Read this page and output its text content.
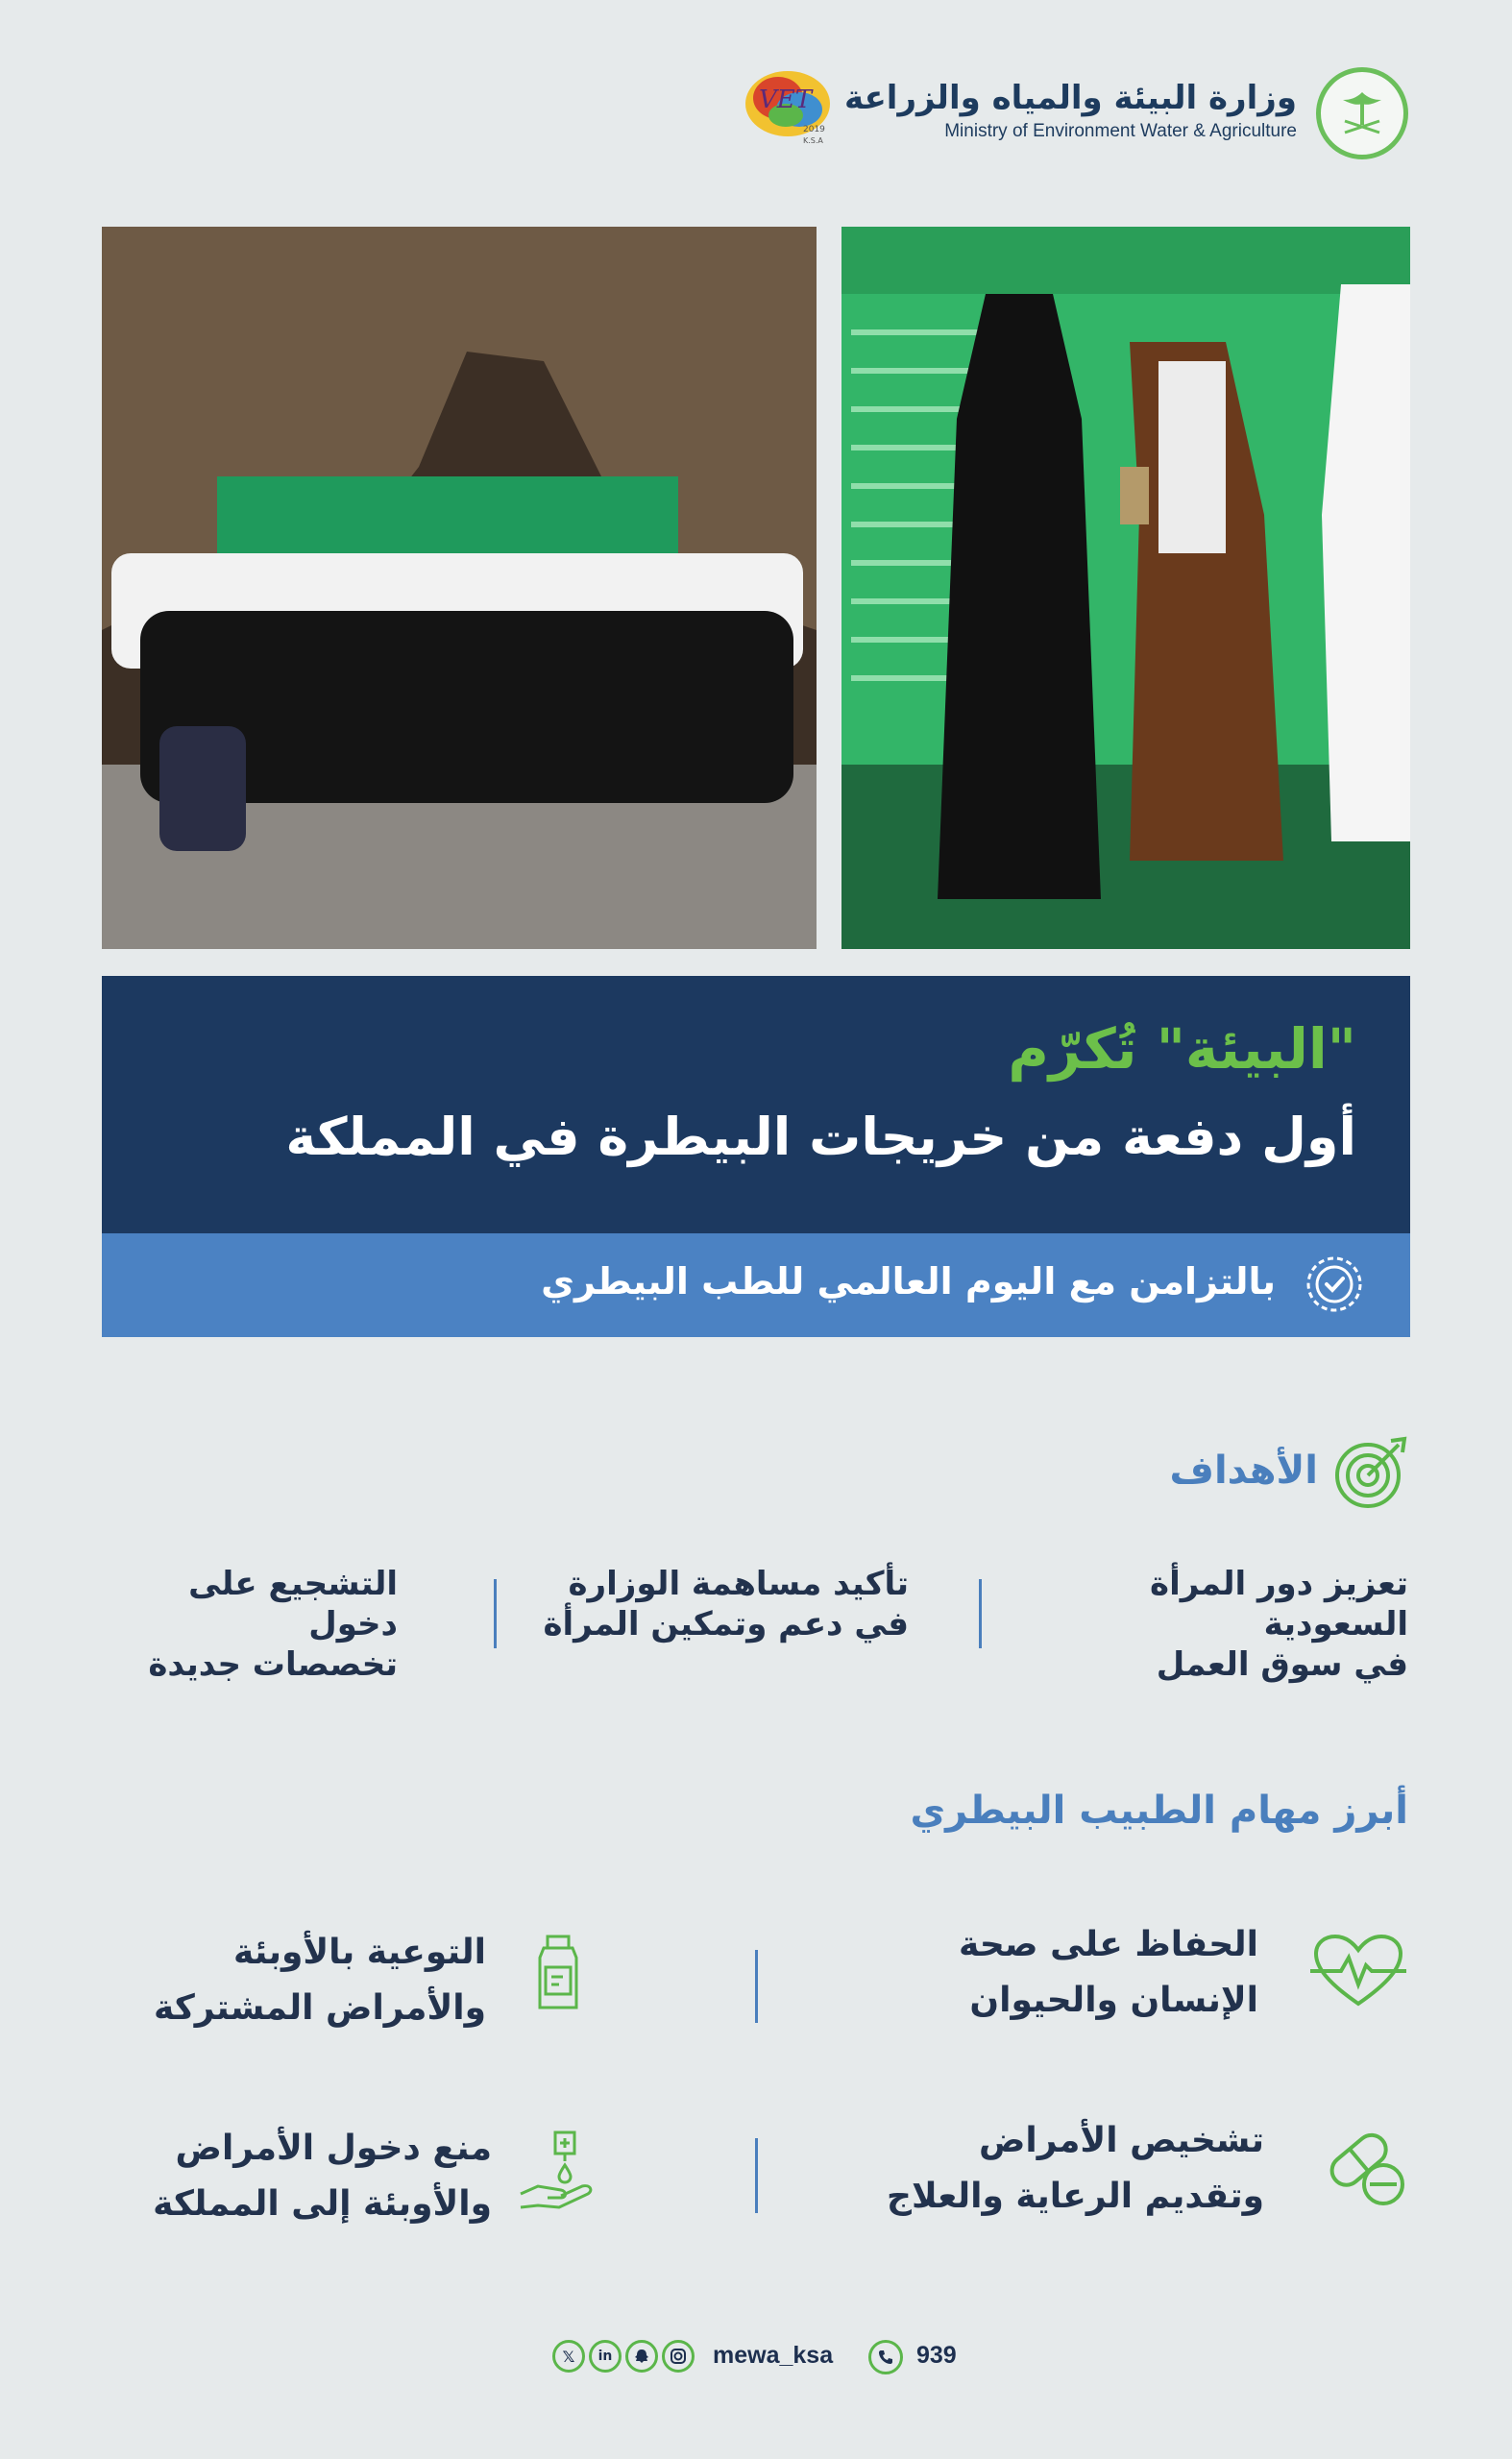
وزارة البيئة والمياه والزراعة
Ministry of Environment Water & Agriculture
VET
2019
K.S.A
"البيئة" تُكرّم
أول دفعة من خريجات البيطرة في المملكة
بالتزامن مع اليوم العالمي للطب البيطري
الأهداف
تعزيز دور المرأة السعودية
في سوق العمل
تأكيد مساهمة الوزارة
في دعم وتمكين المرأة
التشجيع على دخول
تخصصات جديدة
أبرز مهام الطبيب البيطري
الحفاظ على صحة
الإنسان والحيوان
التوعية بالأوبئة
والأمراض المشتركة
تشخيص الأمراض
وتقديم الرعاية والعلاج
منع دخول الأمراض
والأوبئة إلى المملكة
𝕏	in	mewa_ksa	939
